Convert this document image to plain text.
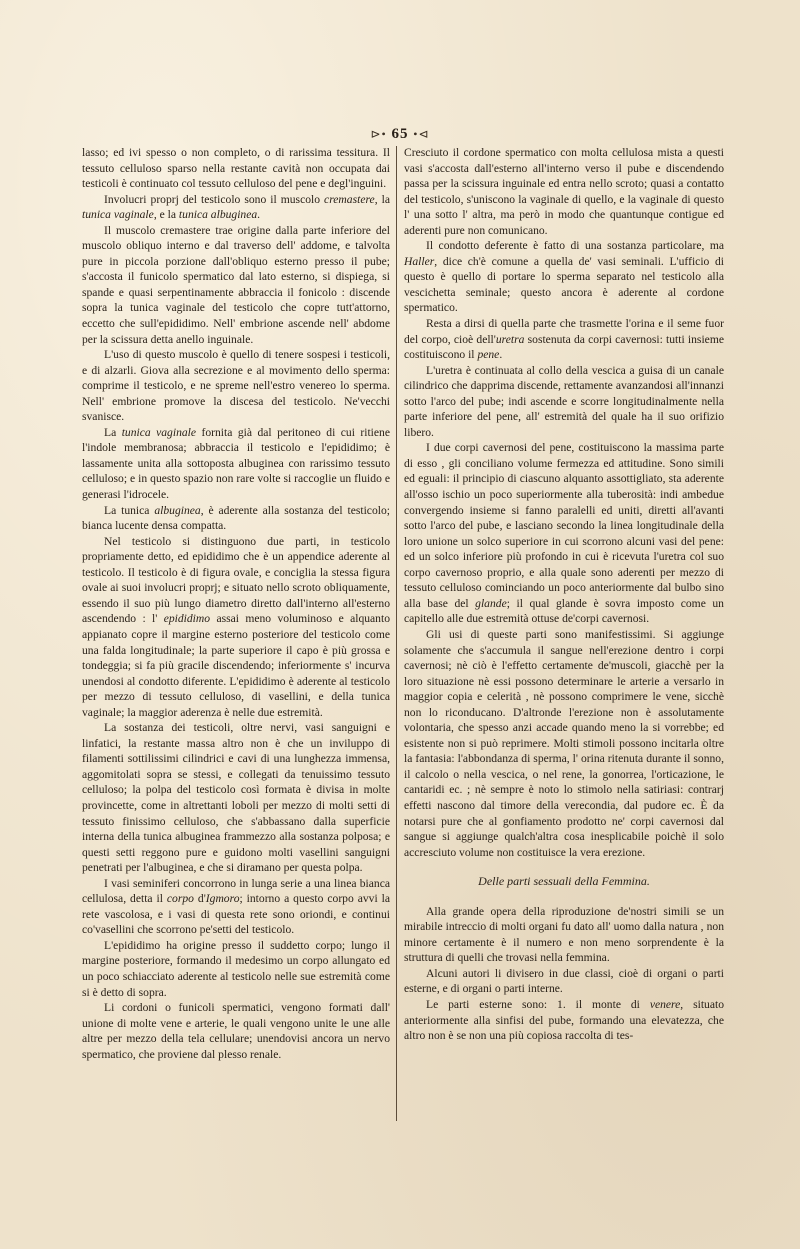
⊳• 65 •⊲

lasso; ed ivi spesso o non completo, o di rarissima tessitura. Il tessuto celluloso sparso nella restante cavità non occupata dai testicoli è continuato col tessuto celluloso del pene e degl'inguini.

Involucri proprj del testicolo sono il muscolo cremastere, la tunica vaginale, e la tunica albuginea.

Il muscolo cremastere trae origine dalla parte inferiore del muscolo obliquo interno e dal traverso dell' addome, e talvolta pure in piccola porzione dall'obliquo esterno presso il pube; s'accosta il funicolo spermatico dal lato esterno, si dispiega, si spande e quasi serpentinamente abbraccia il fonicolo : discende sopra la tunica vaginale del testicolo che copre tutt'attorno, eccetto che sull'epididimo. Nell' embrione ascende nell' abdome per la scissura detta anello inguinale.

L'uso di questo muscolo è quello di tenere sospesi i testicoli, e di alzarli. Giova alla secrezione e al movimento dello sperma: comprime il testicolo, e ne spreme nell'estro venereo lo sperma. Nell' embrione promove la discesa del testicolo. Ne'vecchi svanisce.

La tunica vaginale fornita già dal peritoneo di cui ritiene l'indole membranosa; abbraccia il testicolo e l'epididimo; è lassamente unita alla sottoposta albuginea con rarissimo tessuto celluloso; e in questo spazio non rare volte si raccoglie un fluido e generasi l'idrocele.

La tunica albuginea, è aderente alla sostanza del testicolo; bianca lucente densa compatta.

Nel testicolo si distinguono due parti, in testicolo propriamente detto, ed epididimo che è un appendice aderente al testicolo. Il testicolo è di figura ovale, e conciglia la stessa figura ovale ai suoi involucri proprj; e situato nello scroto obliquamente, essendo il suo più lungo diametro diretto dall'interno all'esterno ascendendo : l' epididimo assai meno voluminoso e alquanto appianato copre il margine esterno posteriore del testicolo come una falda longitudinale; la parte superiore il capo è più grossa e tondeggia; si fa più gracile discendendo; inferiormente s' incurva unendosi al condotto diferente. L'epididimo è aderente al testicolo per mezzo di tessuto celluloso, di vasellini, e della tunica vaginale; la maggior aderenza è nelle due estremità.

La sostanza dei testicoli, oltre nervi, vasi sanguigni e linfatici, la restante massa altro non è che un inviluppo di filamenti sottilissimi cilindrici e cavi di una lunghezza immensa, aggomitolati sopra se stessi, e collegati da tenuissimo tessuto celluloso; la polpa del testicolo così formata è divisa in molte provincette, come in altrettanti loboli per mezzo di molti setti di tessuto finissimo celluloso, che s'abbassano dalla superficie interna della tunica albuginea frammezzo alla sostanza polposa; e questi setti reggono pure e guidono molti vasellini sanguigni penetrati per l'albuginea, e che si diramano per questa polpa.

I vasi seminiferi concorrono in lunga serie a una linea bianca cellulosa, detta il corpo d'Igmoro; intorno a questo corpo avvi la rete vascolosa, e i vasi di questa rete sono oriondi, e continui co'vasellini che scorrono pe'setti del testicolo.

L'epididimo ha origine presso il suddetto corpo; lungo il margine posteriore, formando il medesimo un corpo allungato ed un poco schiacciato aderente al testicolo nelle sue estremità come si è detto di sopra.

Li cordoni o funicoli spermatici, vengono formati dall' unione di molte vene e arterie, le quali vengono unite le une alle altre per mezzo della tela cellulare; unendovisi ancora un nervo spermatico, che proviene dal plesso renale.

Cresciuto il cordone spermatico con molta cellulosa mista a questi vasi s'accosta dall'esterno all'interno verso il pube e discendendo passa per la scissura inguinale ed entra nello scroto; quasi a contatto del testicolo, s'uniscono la vaginale di quello, e la vaginale di questo l' una sotto l' altra, ma però in modo che quantunque contigue ed aderenti pure non comunicano.

Il condotto deferente è fatto di una sostanza particolare, ma Haller, dice ch'è comune a quella de' vasi seminali. L'ufficio di questo è quello di portare lo sperma separato nel testicolo alla vescichetta seminale; questo ancora è aderente al cordone spermatico.

Resta a dirsi di quella parte che trasmette l'orina e il seme fuor del corpo, cioè dell'uretra sostenuta da corpi cavernosi: tutti insieme costituiscono il pene.

L'uretra è continuata al collo della vescica a guisa di un canale cilindrico che dapprima discende, rettamente avanzandosi all'innanzi sotto l'arco del pube; indi ascende e scorre longitudinalmente nella parte inferiore del pene, all' estremità del quale ha il suo orifizio libero.

I due corpi cavernosi del pene, costituiscono la massima parte di esso , gli conciliano volume fermezza ed attitudine. Sono simili ed eguali: il principio di ciascuno alquanto assottigliato, sta aderente all'osso ischio un poco superiormente alla tuberosità: indi ambedue convergendo insieme si fanno paralelli ed uniti, diretti all'avanti sotto l'arco del pube, e lasciano secondo la linea longitudinale della loro unione un solco superiore in cui scorrono alcuni vasi del pene: ed un solco inferiore più profondo in cui è ricevuta l'uretra col suo corpo cavernoso proprio, e alla quale sono aderenti per mezzo di tessuto celluloso cominciando un poco anteriormente dal bulbo sino alla base del glande; il qual glande è sovra imposto come un capitello alle due estremità ottuse de'corpi cavernosi.

Gli usi di queste parti sono manifestissimi. Si aggiunge solamente che s'accumula il sangue nell'erezione dentro i corpi cavernosi; nè ciò è l'effetto certamente de'muscoli, giacchè per la loro situazione nè essi possono determinare le arterie a versarlo in maggior copia e celerità , nè possono comprimere le vene, sicchè non lo riconducano. D'altronde l'erezione non è assolutamente volontaria, che spesso anzi accade quando meno la si vorrebbe; ed esistente non si può reprimere. Molti stimoli possono incitarla oltre la fantasia: l'abbondanza di sperma, l' orina ritenuta durante il sonno, il calcolo o nella vescica, o nel rene, la gonorrea, l'orticazione, le cantaridi ec. ; nè sempre è noto lo stimolo nella satiriasi: contrarj effetti nascono dal timore della verecondia, dal pudore ec. È da notarsi pure che al gonfiamento prodotto ne' corpi cavernosi dal sangue si aggiunge qualch'altra cosa inesplicabile poichè il solo accresciuto volume non costituisce la vera erezione.

Delle parti sessuali della Femmina.

Alla grande opera della riproduzione de'nostri simili se un mirabile intreccio di molti organi fu dato all' uomo dalla natura , non minore certamente è il numero e non meno sorprendente è la struttura di quelli che trovasi nella femmina.

Alcuni autori li divisero in due classi, cioè di organi o parti esterne, e di organi o parti interne.

Le parti esterne sono: 1. il monte di venere, situato anteriormente alla sinfisi del pube, formando una elevatezza, che altro non è se non una più copiosa raccolta di tes-
